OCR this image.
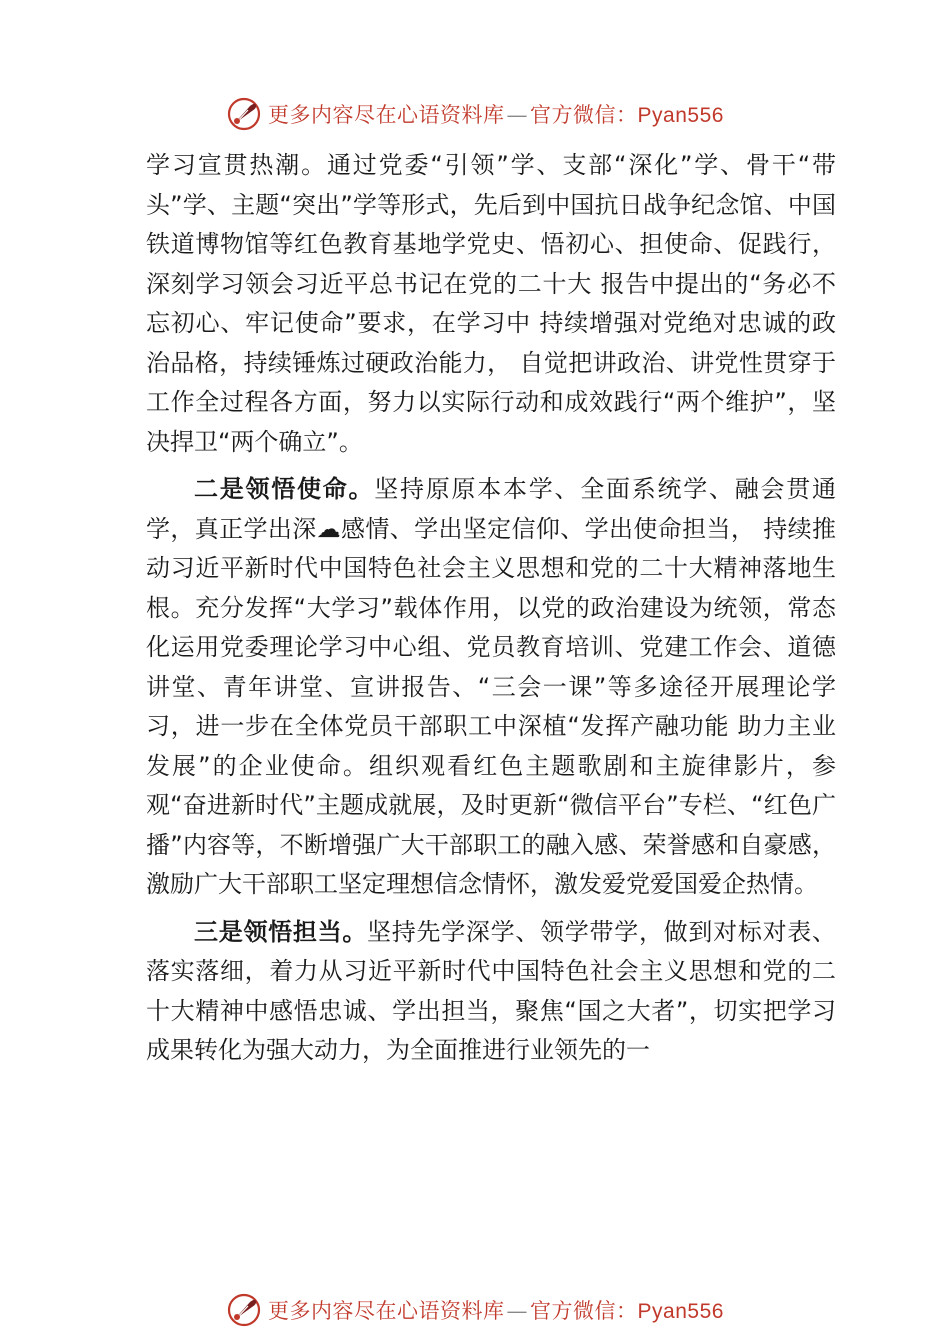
更多内容尽在心语资料库—官方微信：Pyan556

学习宣贯热潮。通过党委“引领”学、支部“深化”学、骨干“带头”学、主题“突出”学等形式，先后到中国抗日战争纪念馆、中国铁道博物馆等红色教育基地学党史、悟初心、担使命、促践行，深刻学习领会习近平总书记在党的二十大 报告中提出的“务必不忘初心、牢记使命”要求，在学习中 持续增强对党绝对忠诚的政治品格，持续锤炼过硬政治能力， 自觉把讲政治、讲党性贯穿于工作全过程各方面，努力以实际行动和成效践行“两个维护”，坚决捍卫“两个确立”。

二是领悟使命。坚持原原本本学、全面系统学、融会贯通学，真正学出深☁感情、学出坚定信仰、学出使命担当， 持续推动习近平新时代中国特色社会主义思想和党的二十大精神落地生根。充分发挥“大学习”载体作用，以党的政治建设为统领，常态化运用党委理论学习中心组、党员教育培训、党建工作会、道德讲堂、青年讲堂、宣讲报告、“三会一课”等多途径开展理论学习，进一步在全体党员干部职工中深植“发挥产融功能 助力主业发展”的企业使命。组织观看红色主题歌剧和主旋律影片，参观“奋进新时代”主题成就展，及时更新“微信平台”专栏、“红色广播”内容等，不断增强广大干部职工的融入感、荣誉感和自豪感，激励广大干部职工坚定理想信念情怀，激发爱党爱国爱企热情。

三是领悟担当。坚持先学深学、领学带学，做到对标对表、落实落细，着力从习近平新时代中国特色社会主义思想和党的二十大精神中感悟忠诚、学出担当，聚焦“国之大者”，切实把学习成果转化为强大动力，为全面推进行业领先的一

更多内容尽在心语资料库—官方微信：Pyan556
